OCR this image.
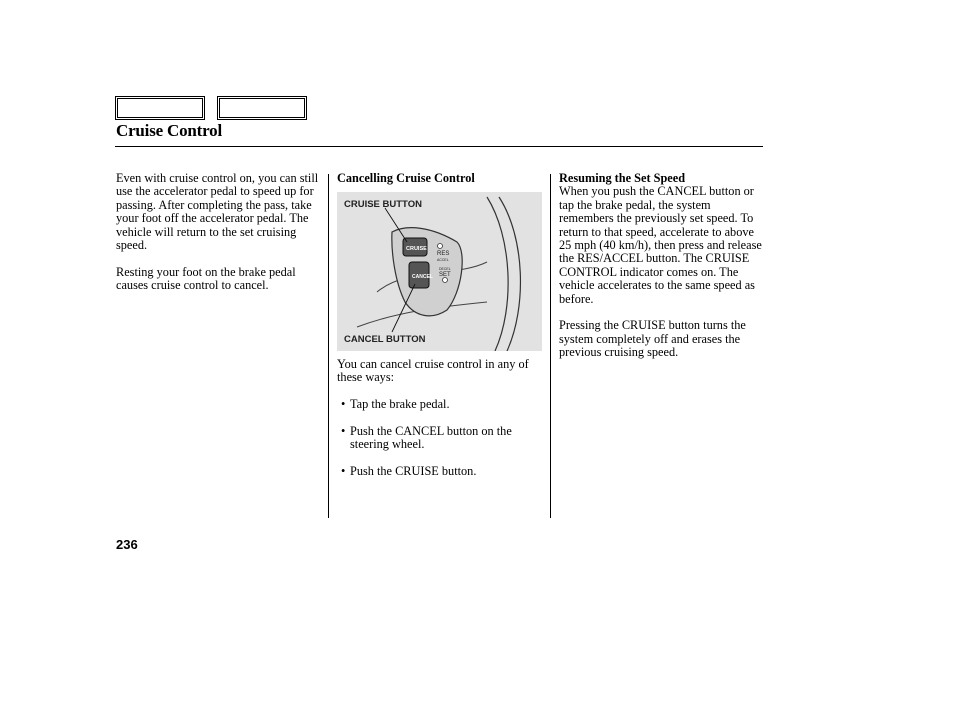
Cruise Control

Even with cruise control on, you can still use the accelerator pedal to speed up for passing. After completing the pass, take your foot off the accelerator pedal. The vehicle will return to the set cruising speed.

Resting your foot on the brake pedal causes cruise control to cancel.

Cancelling Cruise Control
CRUISE
CANCEL
RES
ACCEL
DECEL
SET
CRUISE BUTTON
CANCEL BUTTON

You can cancel cruise control in any of these ways:

• Tap the brake pedal.

• Push the CANCEL button on the steering wheel.

• Push the CRUISE button.

Resuming the Set Speed

When you push the CANCEL button or tap the brake pedal, the system remembers the previously set speed. To return to that speed, accelerate to above 25 mph (40 km/h), then press and release the RES/ACCEL button. The CRUISE CONTROL indicator comes on. The vehicle accelerates to the same speed as before.

Pressing the CRUISE button turns the system completely off and erases the previous cruising speed.

236
